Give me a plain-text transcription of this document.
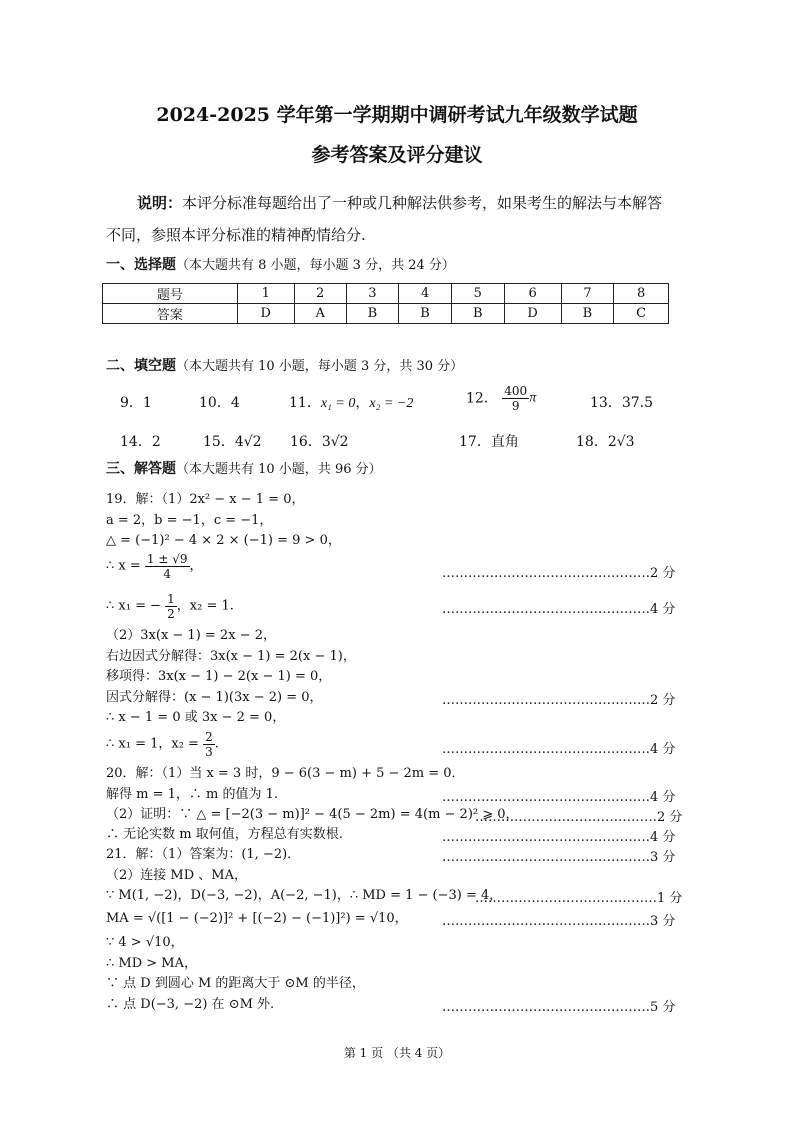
2024-2025 学年第一学期期中调研考试九年级数学试题
参考答案及评分建议
说明：本评分标准每题给出了一种或几种解法供参考，如果考生的解法与本解答
不同，参照本评分标准的精神酌情给分.
一、选择题（本大题共有 8 小题，每小题 3 分，共 24 分）
题号	1	2	3	4	5	6	7	8
答案	D	A	B	B	B	D	B	C
二、填空题（本大题共有 10 小题，每小题 3 分，共 30 分）
9．1	10．4	11．x₁ = 0，x₂ = −2	12． $\frac{400}{9}$ π	13．37.5
14．2	15．4√2 16．3√2	17．直角	18．2√3
三、解答题（本大题共有 10 小题，共 96 分）
19．解：（1）2x² − x − 1 = 0，
a = 2，b = −1，c = −1，
△ = (−1)² − 4 × 2 × (−1) = 9 > 0，
∴ $x = \frac{1 \pm √9}{4}$ ，	…………………………………………2 分
∴ x₁ = − $\frac{1}{2}$ ，x₂ = 1.	…………………………………………4 分
（2）3x(x − 1) = 2x − 2，
右边因式分解得：3x(x − 1) = 2(x − 1)，
移项得：3x(x − 1) − 2(x − 1) = 0，
因式分解得：(x − 1)(3x − 2) = 0，	…………………………………………2 分
∴ x − 1 = 0 或 3x − 2 = 0，
∴ x₁ = 1，$x_2 = \frac{2}{3}$ .	…………………………………………4 分
20．解：（1）当 x = 3 时，9 − 6(3 − m) + 5 − 2m = 0．
解得 m = 1，∴ m 的值为 1.	…………………………………………4 分
（2）证明：∵ △ = [−2(3 − m)]² − 4(5 − 2m) = 4(m − 2)² ⩾ 0，
……………………………………2 分
∴ 无论实数 m 取何值，方程总有实数根.	…………………………………………4 分
21．解：（1）答案为：(1, −2)．	…………………………………………3 分
（2）连接 MD 、MA，
∵ M(1, −2)，D(−3, −2)，A(−2, −1)，∴ MD = 1 − (−3) = 4，
……………………………………1 分
MA = √([1 − (−2)]² + [(−2) − (−1)]²) = √10，	…………………………………………3 分
∵ 4 > √10，
∴ MD > MA，
∵ 点 D 到圆心 M 的距离大于 ⊙M 的半径，
∴ 点 D(−3, −2) 在 ⊙M 外.	…………………………………………5 分
第 1 页 （共 4 页）
